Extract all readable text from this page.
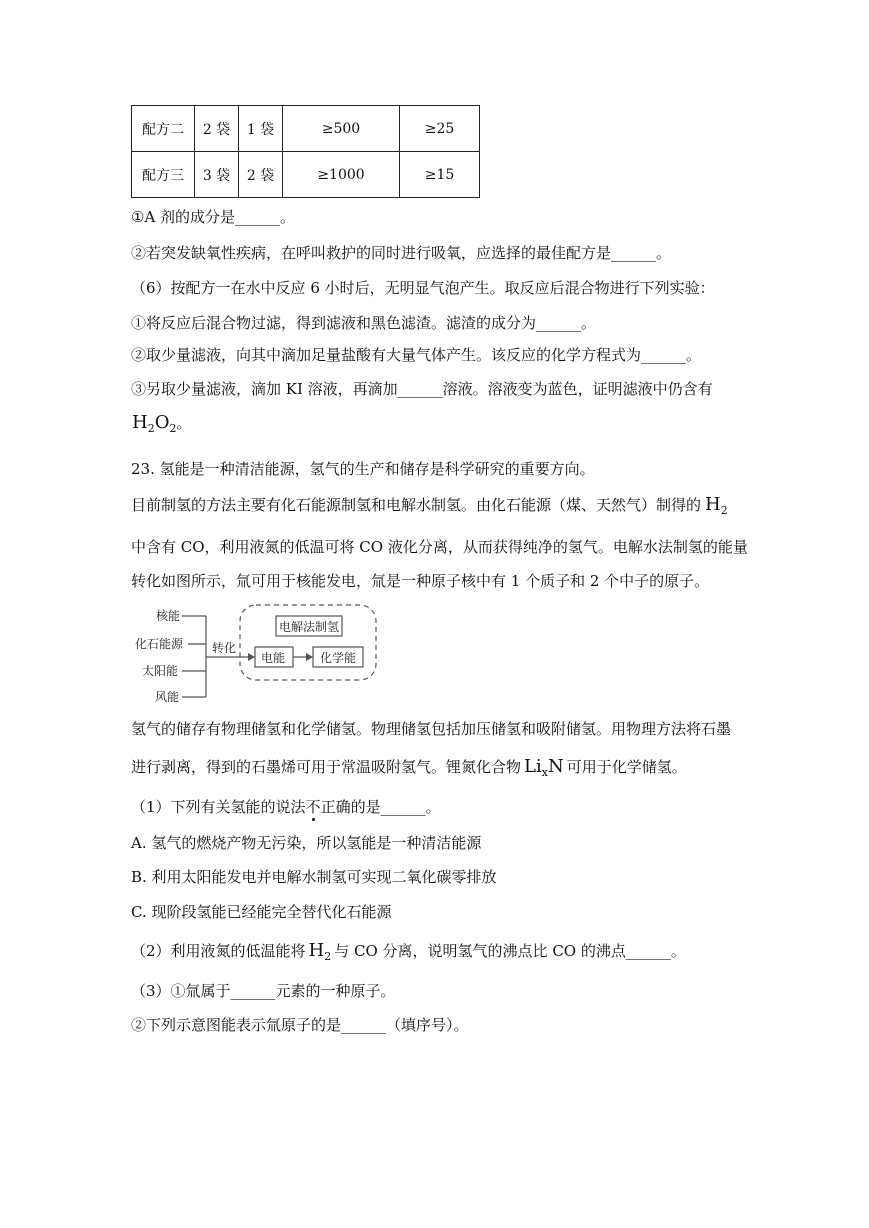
配方二	2 袋	1 袋	≥500	≥25
配方三	3 袋	2 袋	≥1000	≥15
①A 剂的成分是______。
②若突发缺氧性疾病，在呼叫救护的同时进行吸氧，应选择的最佳配方是______。
（6）按配方一在水中反应 6 小时后，无明显气泡产生。取反应后混合物进行下列实验：
①将反应后混合物过滤，得到滤液和黑色滤渣。滤渣的成分为______。
②取少量滤液，向其中滴加足量盐酸有大量气体产生。该反应的化学方程式为______。
③另取少量滤液，滴加 KI 溶液，再滴加______溶液。溶液变为蓝色，证明滤液中仍含有
$H_2O_2$。
23. 氢能是一种清洁能源，氢气的生产和储存是科学研究的重要方向。
目前制氢的方法主要有化石能源制氢和电解水制氢。由化石能源（煤、天然气）制得的 $H_2$
中含有 CO，利用液氮的低温可将 CO 液化分离，从而获得纯净的氢气。电解水法制氢的能量
转化如图所示，氚可用于核能发电，氚是一种原子核中有 1 个质子和 2 个中子的原子。
核能
化石能源
太阳能
风能
转化
电解法制氢
电能	化学能
氢气的储存有物理储氢和化学储氢。物理储氢包括加压储氢和吸附储氢。用物理方法将石墨
进行剥离，得到的石墨烯可用于常温吸附氢气。锂氮化合物 $Li_xN$ 可用于化学储氢。
（1）下列有关氢能的说法不正确的是______。
A. 氢气的燃烧产物无污染，所以氢能是一种清洁能源
B. 利用太阳能发电并电解水制氢可实现二氧化碳零排放
C. 现阶段氢能已经能完全替代化石能源
（2）利用液氮的低温能将 $H_2$ 与 CO 分离，说明氢气的沸点比 CO 的沸点______。
（3）①氚属于______元素的一种原子。
②下列示意图能表示氚原子的是______（填序号）。
